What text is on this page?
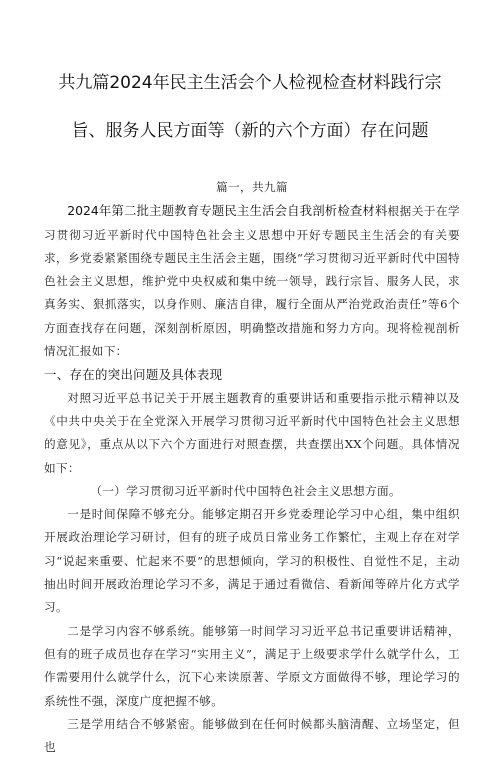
共九篇2024年民主生活会个人检视检查材料践行宗
旨、服务人民方面等（新的六个方面）存在问题

篇一，共九篇

2024年第二批主题教育专题民主生活会自我剖析检查材料根据关于在学习贯彻习近平新时代中国特色社会主义思想中开好专题民主生活会的有关要求，乡党委紧紧围绕专题民主生活会主题，围绕“学习贯彻习近平新时代中国特色社会主义思想，维护党中央权威和集中统一领导，践行宗旨、服务人民，求真务实、狠抓落实，以身作则、廉洁自律，履行全面从严治党政治责任”等6个方面查找存在问题，深刻剖析原因，明确整改措施和努力方向。现将检视剖析情况汇报如下：

一、存在的突出问题及具体表现

对照习近平总书记关于开展主题教育的重要讲话和重要指示批示精神以及《中共中央关于在全党深入开展学习贯彻习近平新时代中国特色社会主义思想的意见》，重点从以下六个方面进行对照查摆，共查摆出XX个问题。具体情况如下：

（一）学习贯彻习近平新时代中国特色社会主义思想方面。

一是时间保障不够充分。能够定期召开乡党委理论学习中心组，集中组织开展政治理论学习研讨，但有的班子成员日常业务工作繁忙，主观上存在对学习“说起来重要、忙起来不要”的思想倾向，学习的积极性、自觉性不足，主动抽出时间开展政治理论学习不多，满足于通过看微信、看新闻等碎片化方式学习。

二是学习内容不够系统。能够第一时间学习习近平总书记重要讲话精神，但有的班子成员也存在学习“实用主义”，满足于上级要求学什么就学什么，工作需要用什么就学什么，沉下心来读原著、学原文方面做得不够，理论学习的系统性不强，深度广度把握不够。

三是学用结合不够紧密。能够做到在任何时候都头脑清醒、立场坚定，但也
